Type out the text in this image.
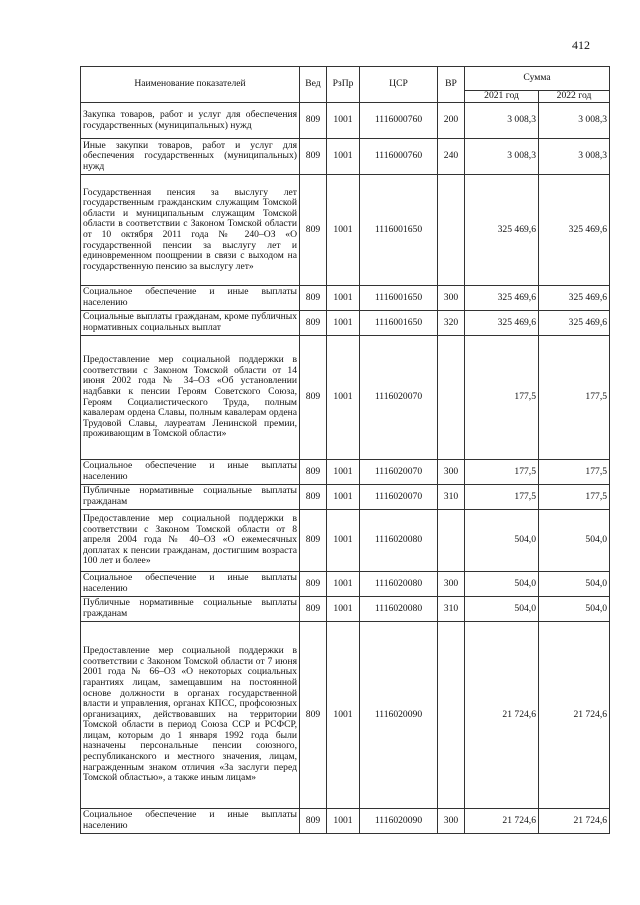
412
Наименование показателей	Вед	РзПр	ЦСР	ВР	Сумма	
					2021 год	2022 год
Закупка товаров, работ и услуг для обеспечения государственных (муниципальных) нужд	809	1001	1116000760	200	3 008,3	3 008,3
Иные закупки товаров, работ и услуг для обеспечения государственных (муниципальных) нужд	809	1001	1116000760	240	3 008,3	3 008,3
Государственная пенсия за выслугу лет государственным гражданским служащим Томской области и муниципальным служащим Томской области в соответствии с Законом Томской области от 10 октября 2011 года № 240–ОЗ «О государственной пенсии за выслугу лет и единовременном поощрении в связи с выходом на государственную пенсию за выслугу лет»	809	1001	1116001650		325 469,6	325 469,6
Социальное обеспечение и иные выплаты населению	809	1001	1116001650	300	325 469,6	325 469,6
Социальные выплаты гражданам, кроме публичных нормативных социальных выплат	809	1001	1116001650	320	325 469,6	325 469,6
Предоставление мер социальной поддержки в соответствии с Законом Томской области от 14 июня 2002 года № 34–ОЗ «Об установлении надбавки к пенсии Героям Советского Союза, Героям Социалистического Труда, полным кавалерам ордена Славы, полным кавалерам ордена Трудовой Славы, лауреатам Ленинской премии, проживающим в Томской области»	809	1001	1116020070		177,5	177,5
Социальное обеспечение и иные выплаты населению	809	1001	1116020070	300	177,5	177,5
Публичные нормативные социальные выплаты гражданам	809	1001	1116020070	310	177,5	177,5
Предоставление мер социальной поддержки в соответствии с Законом Томской области от 8 апреля 2004 года № 40–ОЗ «О ежемесячных доплатах к пенсии гражданам, достигшим возраста 100 лет и более»	809	1001	1116020080		504,0	504,0
Социальное обеспечение и иные выплаты населению	809	1001	1116020080	300	504,0	504,0
Публичные нормативные социальные выплаты гражданам	809	1001	1116020080	310	504,0	504,0
Предоставление мер социальной поддержки в соответствии с Законом Томской области от 7 июня 2001 года № 66–ОЗ «О некоторых социальных гарантиях лицам, замещавшим на постоянной основе должности в органах государственной власти и управления, органах КПСС, профсоюзных организациях, действовавших на территории Томской области в период Союза ССР и РСФСР, лицам, которым до 1 января 1992 года были назначены персональные пенсии союзного, республиканского и местного значения, лицам, награжденным знаком отличия «За заслуги перед Томской областью», а также иным лицам»	809	1001	1116020090		21 724,6	21 724,6
Социальное обеспечение и иные выплаты населению	809	1001	1116020090	300	21 724,6	21 724,6
